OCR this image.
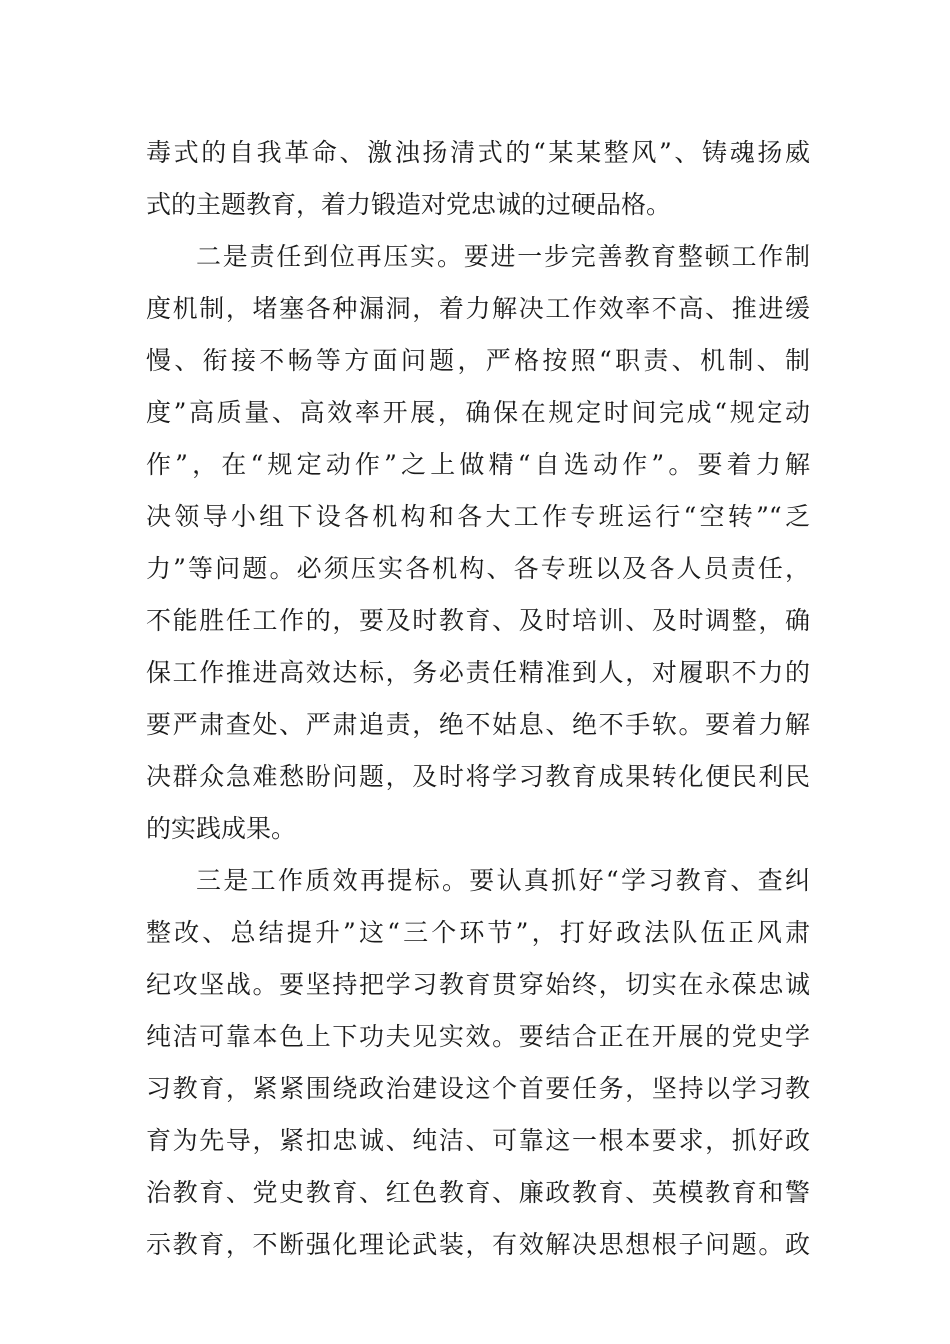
毒式的自我革命、激浊扬清式的“某某整风”、铸魂扬威
式的主题教育，着力锻造对党忠诚的过硬品格。
二是责任到位再压实。要进一步完善教育整顿工作制
度机制，堵塞各种漏洞，着力解决工作效率不高、推进缓
慢、衔接不畅等方面问题，严格按照“职责、机制、制
度”高质量、高效率开展，确保在规定时间完成“规定动
作”，在“规定动作”之上做精“自选动作”。要着力解
决领导小组下设各机构和各大工作专班运行“空转”“乏
力”等问题。必须压实各机构、各专班以及各人员责任，
不能胜任工作的，要及时教育、及时培训、及时调整，确
保工作推进高效达标，务必责任精准到人，对履职不力的
要严肃查处、严肃追责，绝不姑息、绝不手软。要着力解
决群众急难愁盼问题，及时将学习教育成果转化便民利民
的实践成果。
三是工作质效再提标。要认真抓好“学习教育、查纠
整改、总结提升”这“三个环节”，打好政法队伍正风肃
纪攻坚战。要坚持把学习教育贯穿始终，切实在永葆忠诚
纯洁可靠本色上下功夫见实效。要结合正在开展的党史学
习教育，紧紧围绕政治建设这个首要任务，坚持以学习教
育为先导，紧扣忠诚、纯洁、可靠这一根本要求，抓好政
治教育、党史教育、红色教育、廉政教育、英模教育和警
示教育，不断强化理论武装，有效解决思想根子问题。政
